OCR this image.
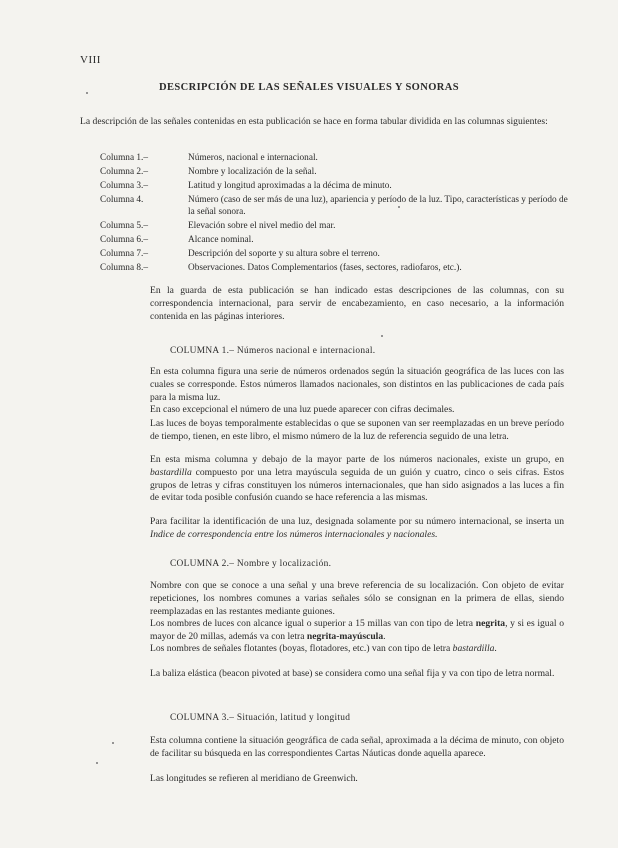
VIII
DESCRIPCIÓN DE LAS SEÑALES VISUALES Y SONORAS

La descripción de las señales contenidas en esta publicación se hace en forma tabular dividida en las columnas siguientes:

Columna 1.–	Números, nacional e internacional.
Columna 2.–	Nombre y localización de la señal.
Columna 3.–	Latitud y longitud aproximadas a la décima de minuto.
Columna 4.	Número (caso de ser más de una luz), apariencia y período de la luz. Tipo, características y período de la señal sonora.
Columna 5.–	Elevación sobre el nivel medio del mar.
Columna 6.–	Alcance nominal.
Columna 7.–	Descripción del soporte y su altura sobre el terreno.
Columna 8.–	Observaciones. Datos Complementarios (fases, sectores, radiofaros, etc.).

En la guarda de esta publicación se han indicado estas descripciones de las columnas, con su correspondencia internacional, para servir de encabezamiento, en caso necesario, a la información contenida en las páginas interiores.

COLUMNA 1.– Números nacional e internacional.

En esta columna figura una serie de números ordenados según la situación geográfica de las luces con las cuales se corresponde. Estos números llamados nacionales, son distintos en las publicaciones de cada país para la misma luz.

En caso excepcional el número de una luz puede aparecer con cifras decimales.

Las luces de boyas temporalmente establecidas o que se suponen van ser reemplazadas en un breve período de tiempo, tienen, en este libro, el mismo número de la luz de referencia seguido de una letra.

En esta misma columna y debajo de la mayor parte de los números nacionales, existe un grupo, en bastardilla compuesto por una letra mayúscula seguida de un guión y cuatro, cinco o seis cifras. Estos grupos de letras y cifras constituyen los números internacionales, que han sido asignados a las luces a fin de evitar toda posible confusión cuando se hace referencia a las mismas.

Para facilitar la identificación de una luz, designada solamente por su número internacional, se inserta un Indice de correspondencia entre los números internacionales y nacionales.

COLUMNA 2.– Nombre y localización.

Nombre con que se conoce a una señal y una breve referencia de su localización. Con objeto de evitar repeticiones, los nombres comunes a varias señales sólo se consignan en la primera de ellas, siendo reemplazadas en las restantes mediante guiones.

Los nombres de luces con alcance igual o superior a 15 millas van con tipo de letra negrita, y si es igual o mayor de 20 millas, además va con letra negrita-mayúscula.

Los nombres de señales flotantes (boyas, flotadores, etc.) van con tipo de letra bastardilla.

La baliza elástica (beacon pivoted at base) se considera como una señal fija y va con tipo de letra normal.

COLUMNA 3.– Situación, latitud y longitud

Esta columna contiene la situación geográfica de cada señal, aproximada a la décima de minuto, con objeto de facilitar su búsqueda en las correspondientes Cartas Náuticas donde aquella aparece.

Las longitudes se refieren al meridiano de Greenwich.
